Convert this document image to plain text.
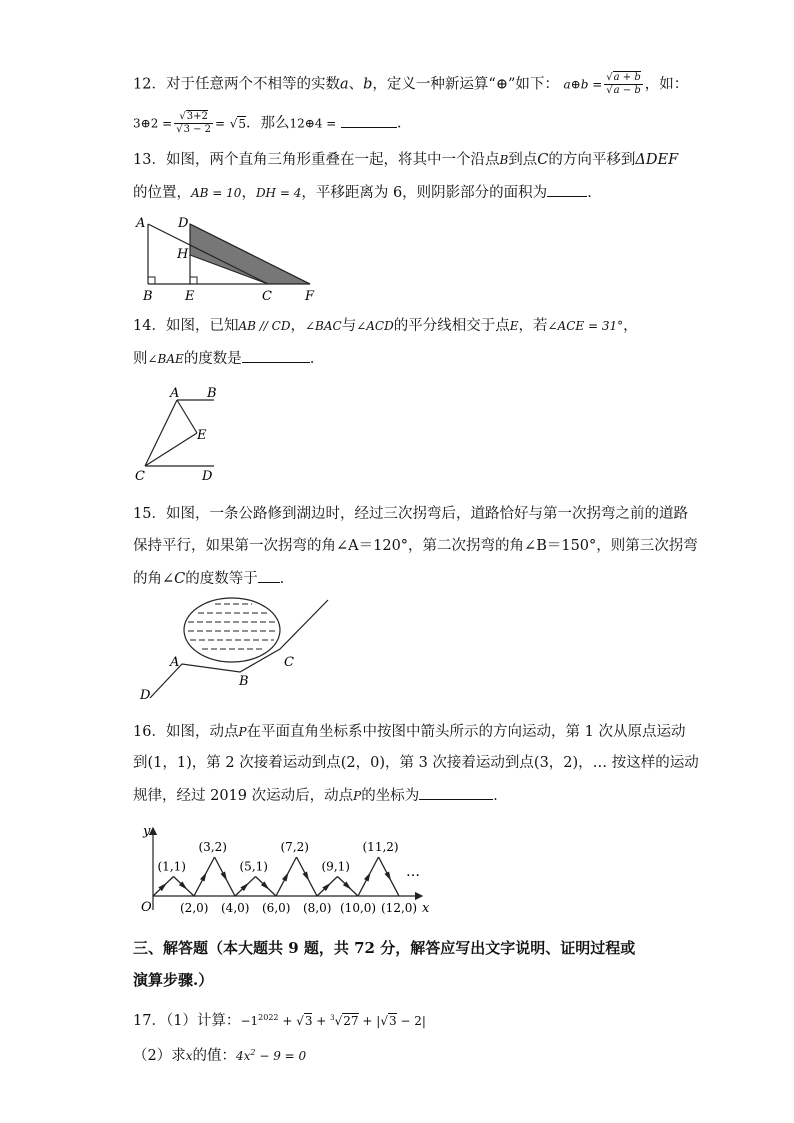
12．对于任意两个不相等的实数a、b，定义一种新运算“⊕”如下： a⊕b = $\frac{√a + b}{√a - b}$ ，如：
3⊕2 = $\frac{√3+2}{√3 - 2} = √5$．那么12⊕4 =	．
13．如图，两个直角三角形重叠在一起，将其中一个沿点B到点C的方向平移到ΔDEF
的位置，AB = 10，DH = 4，平移距离为 6，则阴影部分的面积为	．
A	D
H
B E	C	F
14．如图，已知AB // CD，∠BAC与∠ACD的平分线相交于点E，若∠ACE = 31°，
则∠BAE的度数是	．
A B
E
C	D
15．如图，一条公路修到湖边时，经过三次拐弯后，道路恰好与第一次拐弯之前的道路
保持平行，如果第一次拐弯的角∠A＝120°，第二次拐弯的角∠B＝150°，则第三次拐弯
的角∠C的度数等于 ．
D
A
B
C
16．如图，动点P在平面直角坐标系中按图中箭头所示的方向运动，第 1 次从原点运动
到(1，1)，第 2 次接着运动到点(2，0)，第 3 次接着运动到点(3，2)，… 按这样的运动
规律，经过 2019 次运动后，动点P的坐标为	．
y
x
O
(1,1)
(3,2)
(5,1)
(7,2)
(9,1)
(11,2)
(2,0) (4,0) (6,0) (8,0) (10,0) (12,0)
…
三、解答题（本大题共 9 题，共 72 分，解答应写出文字说明、证明过程或
演算步骤.）
17．（1）计算：$-1^{2022} + √3 + ^3√27 + |√3 - 2|$
（2）求x的值：$4x^2 - 9 = 0$
